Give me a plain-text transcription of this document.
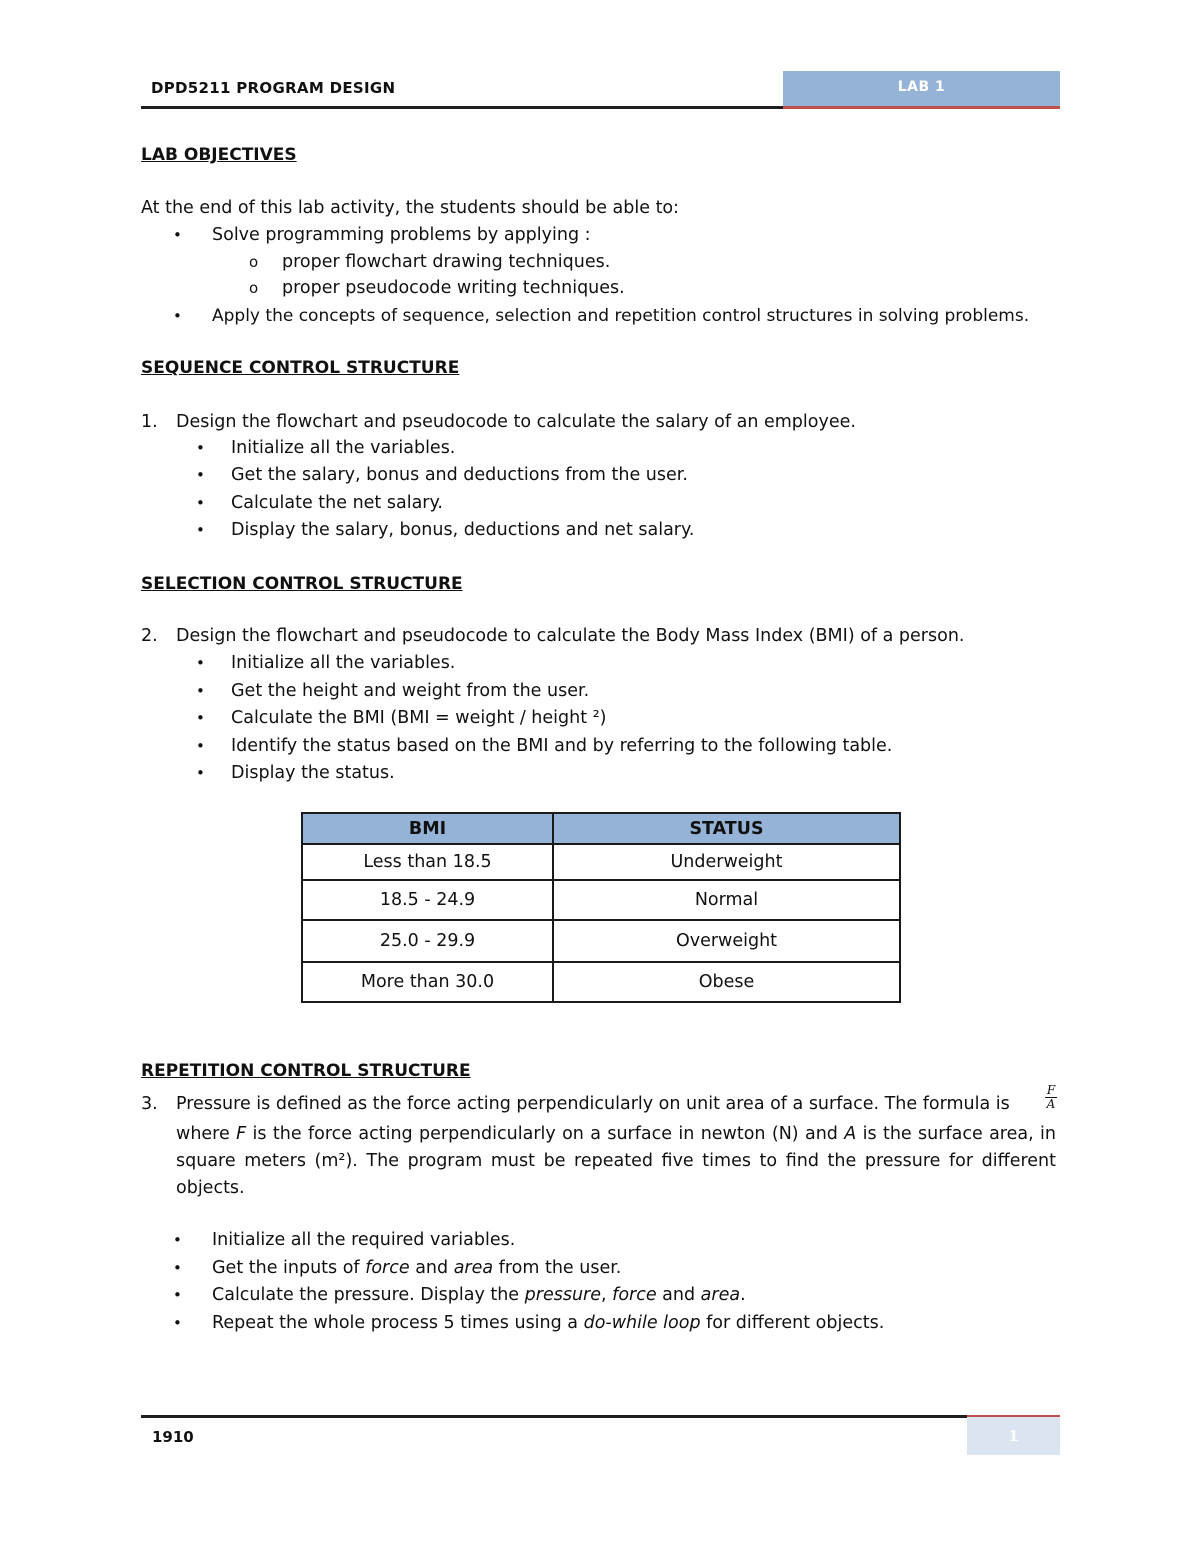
DPD5211 PROGRAM DESIGN	LAB 1
LAB OBJECTIVES
At the end of this lab activity, the students should be able to:
• Solve programming problems by applying :
o proper flowchart drawing techniques.
o proper pseudocode writing techniques.
• Apply the concepts of sequence, selection and repetition control structures in solving problems.
SEQUENCE CONTROL STRUCTURE
1. Design the flowchart and pseudocode to calculate the salary of an employee.
• Initialize all the variables.
• Get the salary, bonus and deductions from the user.
• Calculate the net salary.
• Display the salary, bonus, deductions and net salary.
SELECTION CONTROL STRUCTURE
2. Design the flowchart and pseudocode to calculate the Body Mass Index (BMI) of a person.
• Initialize all the variables.
• Get the height and weight from the user.
• Calculate the BMI (BMI = weight / height ²)
• Identify the status based on the BMI and by referring to the following table.
• Display the status.
BMI	STATUS
Less than 18.5	Underweight
18.5 - 24.9	Normal
25.0 - 29.9	Overweight
More than 30.0	Obese
REPETITION CONTROL STRUCTURE
3. Pressure is defined as the force acting perpendicularly on unit area of a surface. The formula is
F
A
where F is the force acting perpendicularly on a surface in newton (N) and A is the surface area, in square meters (m²). The program must be repeated five times to find the pressure for different objects.
• Initialize all the required variables.
• Get the inputs of force and area from the user.
• Calculate the pressure. Display the pressure, force and area.
• Repeat the whole process 5 times using a do-while loop for different objects.
1910	1
